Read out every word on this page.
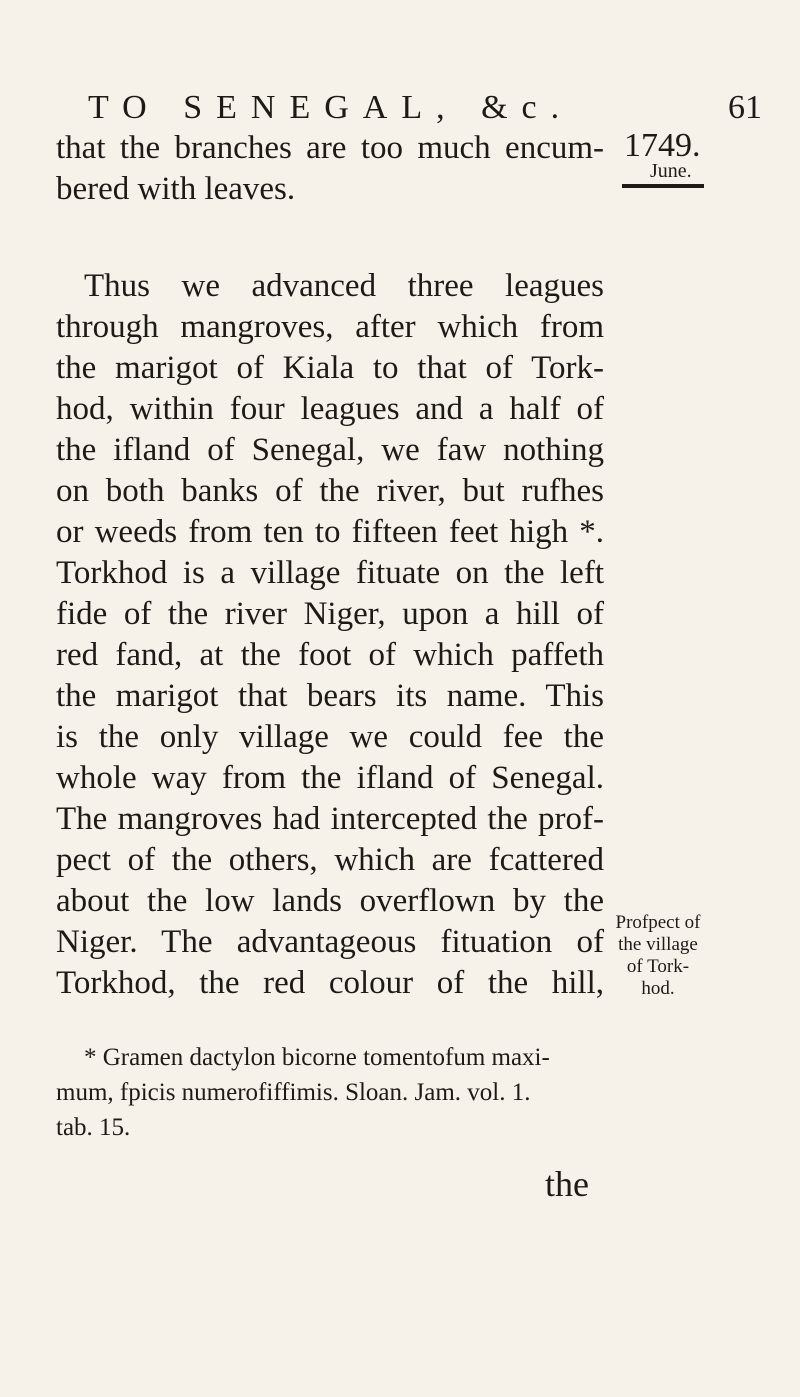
TO SENEGAL, &c.	61
1749.
June.
that the branches are too much encum-
bered with leaves.
Thus we advanced three leagues
through mangroves, after which from
the marigot of Kiala to that of Tork-
hod, within four leagues and a half of
the ifland of Senegal, we faw nothing
on both banks of the river, but rufhes
or weeds from ten to fifteen feet high *.
Torkhod is a village fituate on the left
fide of the river Niger, upon a hill of
red fand, at the foot of which paffeth
the marigot that bears its name. This
is the only village we could fee the
whole way from the ifland of Senegal.
The mangroves had intercepted the prof-
pect of the others, which are fcattered
about the low lands overflown by the
Niger. The advantageous fituation of
Torkhod, the red colour of the hill,
Profpect of
the village
of Tork-
hod.
* Gramen dactylon bicorne tomentofum maxi-
mum, fpicis numerofiffimis. Sloan. Jam. vol. 1.
tab. 15.
the
